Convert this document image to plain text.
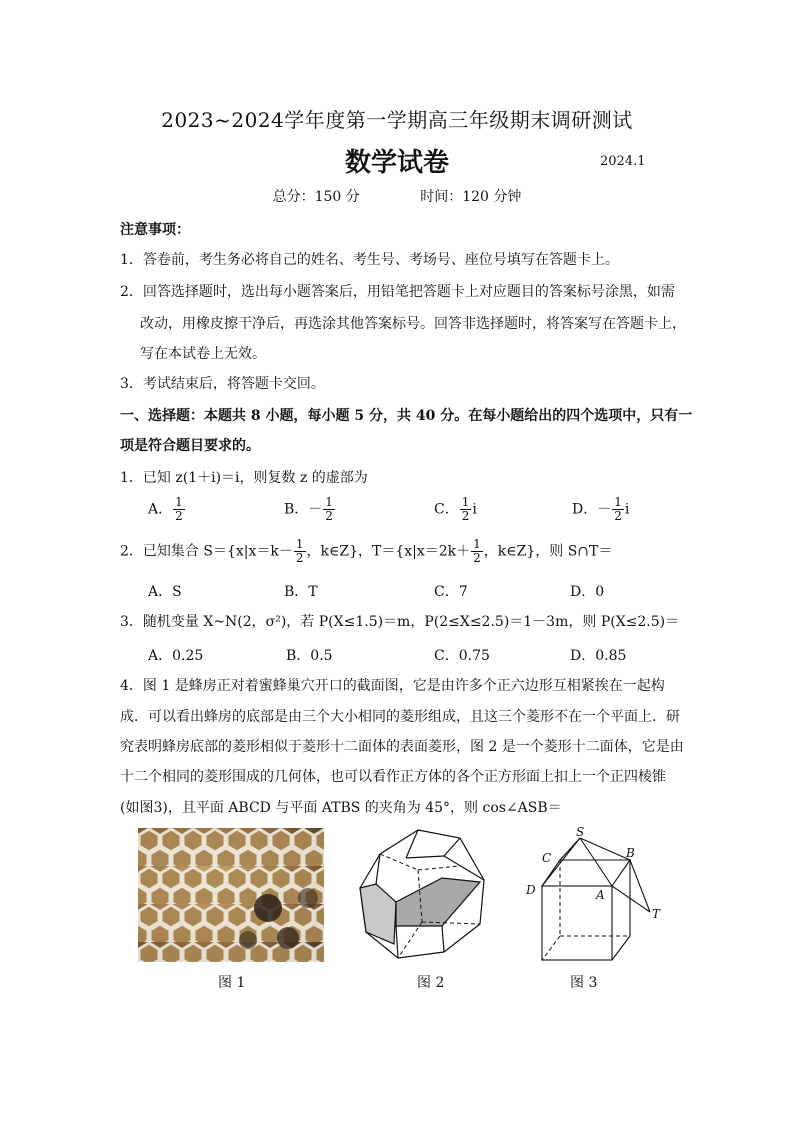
2023~2024学年度第一学期高三年级期末调研测试
数学试卷	2024.1
总分：150 分	时间：120 分钟
注意事项：
1．答卷前，考生务必将自己的姓名、考生号、考场号、座位号填写在答题卡上。
2．回答选择题时，选出每小题答案后，用铅笔把答题卡上对应题目的答案标号涂黑，如需
改动，用橡皮擦干净后，再选涂其他答案标号。回答非选择题时，将答案写在答题卡上，
写在本试卷上无效。
3．考试结束后，将答题卡交回。
一、选择题：本题共 8 小题，每小题 5 分，共 40 分。在每小题给出的四个选项中，只有一
项是符合题目要求的。
1．已知 z(1＋i)＝i，则复数 z 的虚部为
A． $\frac{1}{2}$	B．－ $\frac{1}{2}$	C． $\frac{1}{2}$ i	D．－ $\frac{1}{2}$ i
2．已知集合 $S=\{x|x=k- \frac{1}{2}$ ，k∈Z}，$T=\{x|x=2k+ \frac{1}{2}$ ，k∈Z}，则 S∩T＝
A．S	B．T	C．7	D．0
3．随机变量 X~N(2，σ²)，若 P(X≤1.5)＝m，P(2≤X≤2.5)＝1－3m，则 P(X≤2.5)＝
A．0.25	B．0.5	C．0.75	D．0.85
4．图 1 是蜂房正对着蜜蜂巢穴开口的截面图，它是由许多个正六边形互相紧挨在一起构
成．可以看出蜂房的底部是由三个大小相同的菱形组成，且这三个菱形不在一个平面上．研
究表明蜂房底部的菱形相似于菱形十二面体的表面菱形，图 2 是一个菱形十二面体，它是由
十二个相同的菱形围成的几何体，也可以看作正方体的各个正方形面上扣上一个正四棱锥
(如图3)，且平面 ABCD 与平面 ATBS 的夹角为 45°，则 cos∠ASB＝
S
C	B
D	A
T
图 1	图 2	图 3
